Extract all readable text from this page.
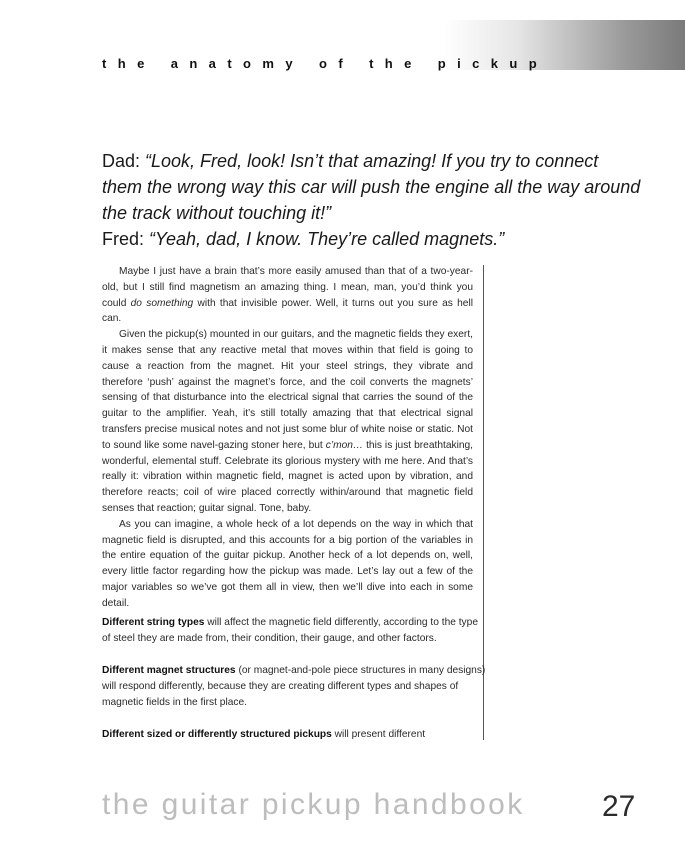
the anatomy of the pickup

Dad: “Look, Fred, look! Isn’t that amazing! If you try to connect them the wrong way this car will push the engine all the way around the track without touching it!”

Fred: “Yeah, dad, I know. They’re called magnets.”

Maybe I just have a brain that’s more easily amused than that of a two-year-old, but I still find magnetism an amazing thing. I mean, man, you’d think you could do something with that invisible power. Well, it turns out you sure as hell can.

Given the pickup(s) mounted in our guitars, and the magnetic fields they exert, it makes sense that any reactive metal that moves within that field is going to cause a reaction from the magnet. Hit your steel strings, they vibrate and therefore ‘push’ against the magnet’s force, and the coil converts the magnets’ sensing of that disturbance into the electrical signal that carries the sound of the guitar to the amplifier. Yeah, it’s still totally amazing that that electrical signal transfers precise musical notes and not just some blur of white noise or static. Not to sound like some navel-gazing stoner here, but c’mon… this is just breathtaking, wonderful, elemental stuff. Celebrate its glorious mystery with me here. And that’s really it: vibration within magnetic field, magnet is acted upon by vibration, and therefore reacts; coil of wire placed correctly within/around that magnetic field senses that reaction; guitar signal. Tone, baby.

As you can imagine, a whole heck of a lot depends on the way in which that magnetic field is disrupted, and this accounts for a big portion of the variables in the entire equation of the guitar pickup. Another heck of a lot depends on, well, every little factor regarding how the pickup was made. Let’s lay out a few of the major variables so we’ve got them all in view, then we’ll dive into each in some detail.

Different string types will affect the magnetic field differently, according to the type of steel they are made from, their condition, their gauge, and other factors.
Different magnet structures (or magnet-and-pole piece structures in many designs) will respond differently, because they are creating different types and shapes of magnetic fields in the first place.
Different sized or differently structured pickups will present different
the guitar pickup handbook	27
